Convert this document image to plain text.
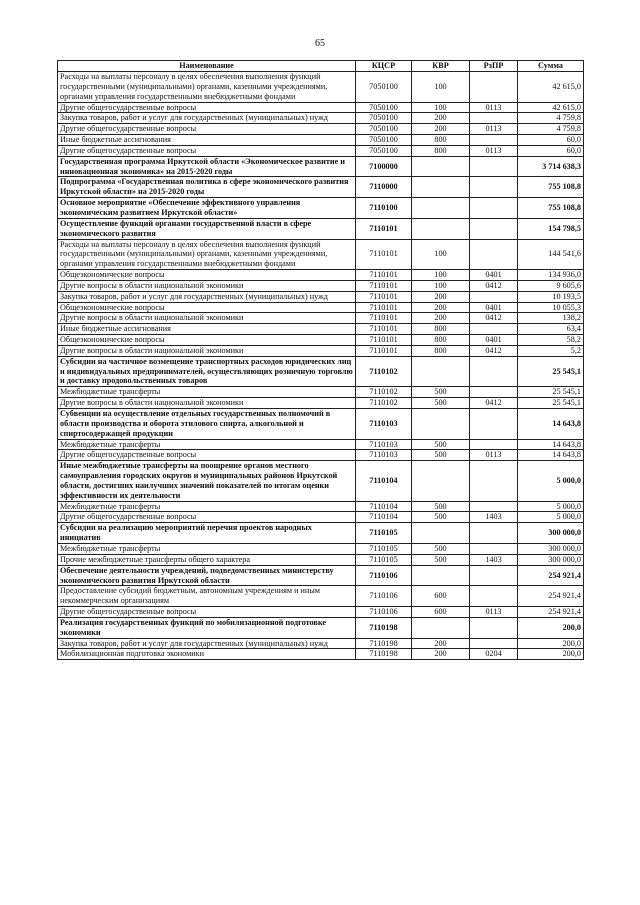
65
Наименование	КЦСР	КВР	РзПР	Сумма
Расходы на выплаты персоналу в целях обеспечения выполнения функций государственными (муниципальными) органами, казенными учреждениями, органами управления государственными внебюджетными фондами	7050100	100		42 615,0
Другие общегосударственные вопросы	7050100	100	0113	42 615,0
Закупка товаров, работ и услуг для государственных (муниципальных) нужд	7050100	200		4 759,8
Другие общегосударственные вопросы	7050100	200	0113	4 759,8
Иные бюджетные ассигнования	7050100	800		60,0
Другие общегосударственные вопросы	7050100	800	0113	60,0
Государственная программа Иркутской области «Экономическое развитие и инновационная экономика» на 2015-2020 годы	7100000			3 714 638,3
Подпрограмма «Государственная политика в сфере экономического развития Иркутской области» на 2015-2020 годы	7110000			755 108,8
Основное мероприятие «Обеспечение эффективного управления экономическим развитием Иркутской области»	7110100			755 108,8
Осуществление функций органами государственной власти в сфере экономического развития	7110101			154 798,5
Расходы на выплаты персоналу в целях обеспечения выполнения функций государственными (муниципальными) органами, казенными учреждениями, органами управления государственными внебюджетными фондами	7110101	100		144 541,6
Общеэкономические вопросы	7110101	100	0401	134 936,0
Другие вопросы в области национальной экономики	7110101	100	0412	9 605,6
Закупка товаров, работ и услуг для государственных (муниципальных) нужд	7110101	200		10 193,5
Общеэкономические вопросы	7110101	200	0401	10 055,3
Другие вопросы в области национальной экономики	7110101	200	0412	138,2
Иные бюджетные ассигнования	7110101	800		63,4
Общеэкономические вопросы	7110101	800	0401	58,2
Другие вопросы в области национальной экономики	7110101	800	0412	5,2
Субсидии на частичное возмещение транспортных расходов юридических лиц и индивидуальных предпринимателей, осуществляющих розничную торговлю и доставку продовольственных товаров	7110102			25 545,1
Межбюджетные трансферты	7110102	500		25 545,1
Другие вопросы в области национальной экономики	7110102	500	0412	25 545,1
Субвенции на осуществление отдельных государственных полномочий в области производства и оборота этилового спирта, алкогольной и спиртосодержащей продукции	7110103			14 643,8
Межбюджетные трансферты	7110103	500		14 643,8
Другие общегосударственные вопросы	7110103	500	0113	14 643,8
Иные межбюджетные трансферты на поощрение органов местного самоуправления городских округов и муниципальных районов Иркутской области, достигших наилучших значений показателей по итогам оценки эффективности их деятельности	7110104			5 000,0
Межбюджетные трансферты	7110104	500		5 000,0
Другие общегосударственные вопросы	7110104	500	1403	5 000,0
Субсидии на реализацию мероприятий перечня проектов народных инициатив	7110105			300 000,0
Межбюджетные трансферты	7110105	500		300 000,0
Прочие межбюджетные трансферты общего характера	7110105	500	1403	300 000,0
Обеспечение деятельности учреждений, подведомственных министерству экономического развития Иркутской области	7110106			254 921,4
Предоставление субсидий бюджетным, автономным учреждениям и иным некоммерческим организациям	7110106	600		254 921,4
Другие общегосударственные вопросы	7110106	600	0113	254 921,4
Реализация государственных функций по мобилизационной подготовке экономики	7110198			200,0
Закупка товаров, работ и услуг для государственных (муниципальных) нужд	7110198	200		200,0
Мобилизационная подготовка экономики	7110198	200	0204	200,0
